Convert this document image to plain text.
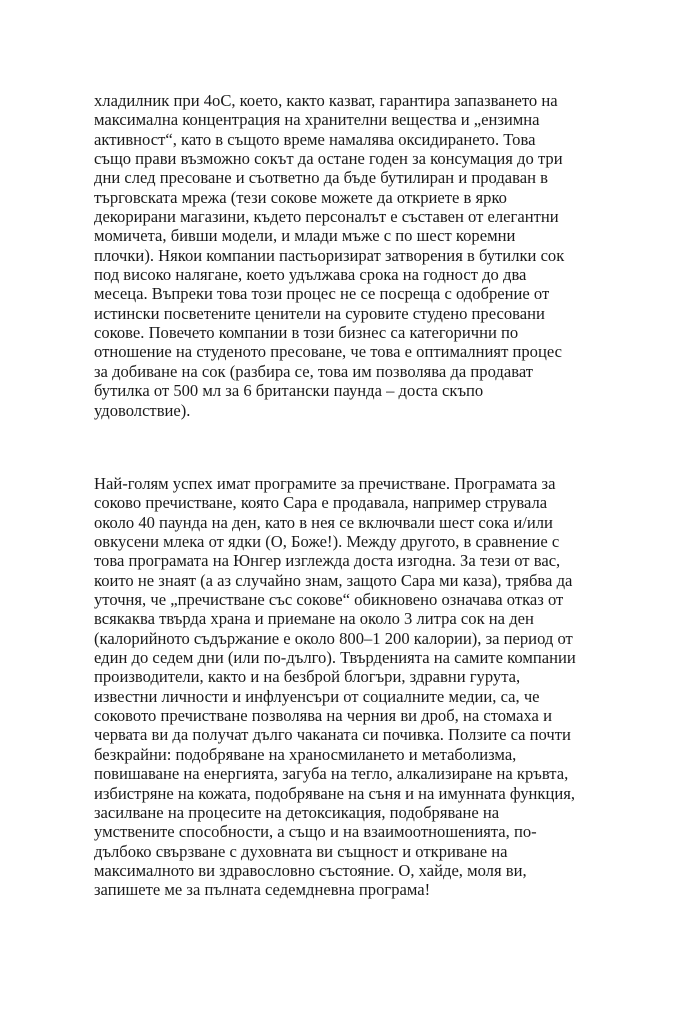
хладилник при 4оС, което, както казват, гарантира запазването на
максимална концентрация на хранителни вещества и „ензимна
активност“, като в същото време намалява оксидирането. Това
също прави възможно сокът да остане годен за консумация до три
дни след пресоване и съответно да бъде бутилиран и продаван в
търговската мрежа (тези сокове можете да откриете в ярко
декорирани магазини, където персоналът е съставен от елегантни
момичета, бивши модели, и млади мъже с по шест коремни
плочки). Някои компании пастьоризират затворения в бутилки сок
под високо налягане, което удължава срока на годност до два
месеца. Въпреки това този процес не се посреща с одобрение от
истински посветените ценители на суровите студено пресовани
сокове. Повечето компании в този бизнес са категорични по
отношение на студеното пресоване, че това е оптималният процес
за добиване на сок (разбира се, това им позволява да продават
бутилка от 500 мл за 6 британски паунда – доста скъпо
удоволствие).
Най-голям успех имат програмите за пречистване. Програмата за
соково пречистване, която Сара е продавала, например струвала
около 40 паунда на ден, като в нея се включвали шест сока и/или
овкусени млека от ядки (О, Боже!). Между другото, в сравнение с
това програмата на Юнгер изглежда доста изгодна. За тези от вас,
които не знаят (а аз случайно знам, защото Сара ми каза), трябва да
уточня, че „пречистване със сокове“ обикновено означава отказ от
всякаква твърда храна и приемане на около 3 литра сок на ден
(калорийното съдържание е около 800–1 200 калории), за период от
един до седем дни (или по-дълго). Твърденията на самите компании
производители, както и на безброй блогъри, здравни гурута,
известни личности и инфлуенсъри от социалните медии, са, че
соковото пречистване позволява на черния ви дроб, на стомаха и
червата ви да получат дълго чаканата си почивка. Ползите са почти
безкрайни: подобряване на храносмилането и метаболизма,
повишаване на енергията, загуба на тегло, алкализиране на кръвта,
избистряне на кожата, подобряване на съня и на имунната функция,
засилване на процесите на детоксикация, подобряване на
умствените способности, а също и на взаимоотношенията, по-
дълбоко свързване с духовната ви същност и откриване на
максималното ви здравословно състояние. О, хайде, моля ви,
запишете ме за пълната седемдневна програма!
